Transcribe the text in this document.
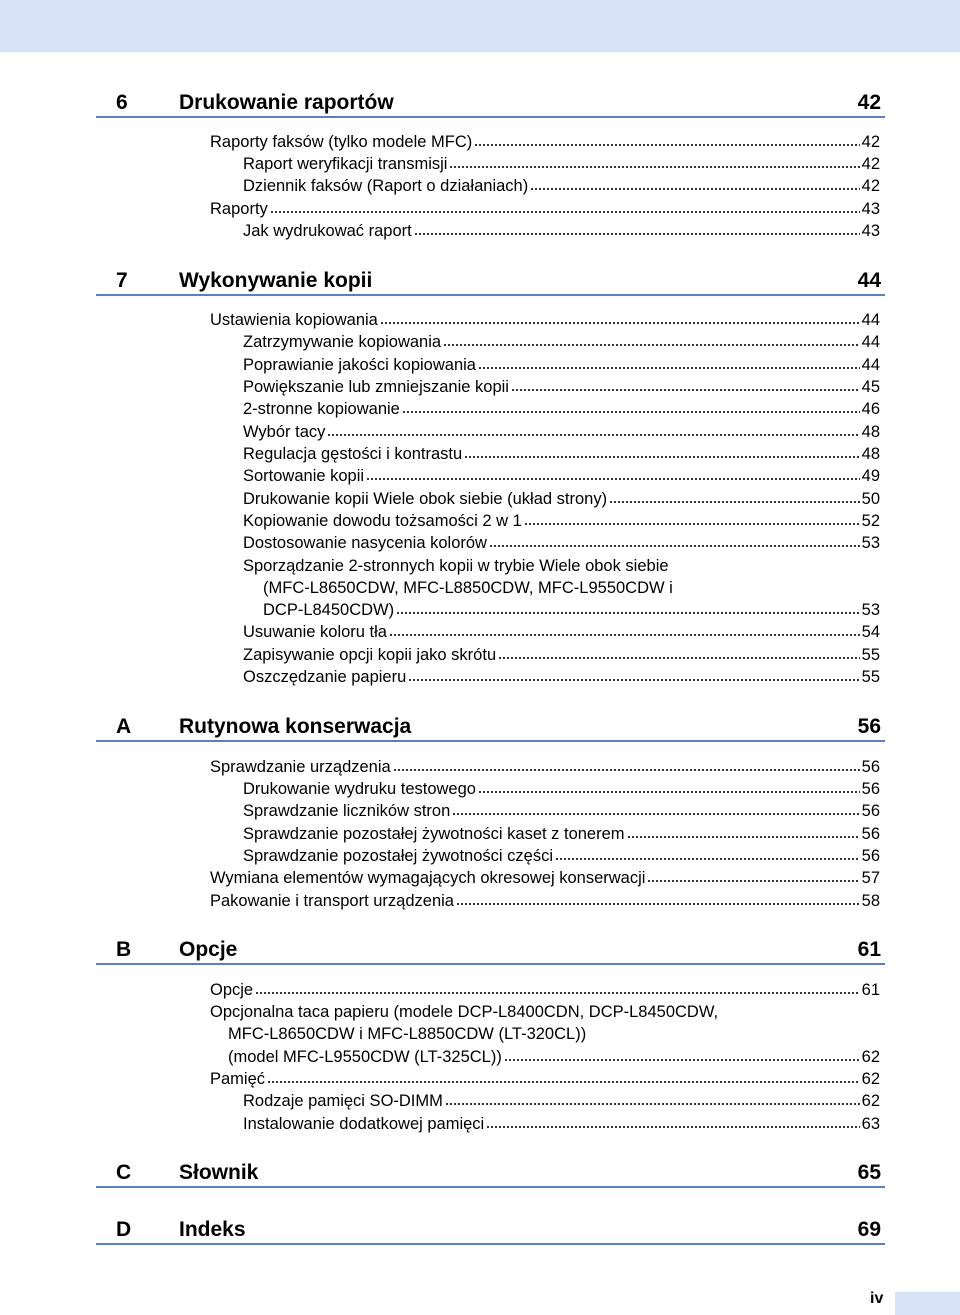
6 Drukowanie raportów	42
Raporty faksów (tylko modele MFC)	42
Raport weryfikacji transmisji	42
Dziennik faksów (Raport o działaniach)	42
Raporty	43
Jak wydrukować raport	43
7 Wykonywanie kopii	44
Ustawienia kopiowania	44
Zatrzymywanie kopiowania	44
Poprawianie jakości kopiowania	44
Powiększanie lub zmniejszanie kopii	45
2-stronne kopiowanie	46
Wybór tacy	48
Regulacja gęstości i kontrastu	48
Sortowanie kopii	49
Drukowanie kopii Wiele obok siebie (układ strony)	50
Kopiowanie dowodu tożsamości 2 w 1	52
Dostosowanie nasycenia kolorów	53
Sporządzanie 2-stronnych kopii w trybie Wiele obok siebie
(MFC-L8650CDW, MFC-L8850CDW, MFC-L9550CDW i
DCP-L8450CDW)	53
Usuwanie koloru tła	54
Zapisywanie opcji kopii jako skrótu	55
Oszczędzanie papieru	55
A Rutynowa konserwacja	56
Sprawdzanie urządzenia	56
Drukowanie wydruku testowego	56
Sprawdzanie liczników stron	56
Sprawdzanie pozostałej żywotności kaset z tonerem	56
Sprawdzanie pozostałej żywotności części	56
Wymiana elementów wymagających okresowej konserwacji	57
Pakowanie i transport urządzenia	58
B Opcje	61
Opcje	61
Opcjonalna taca papieru (modele DCP-L8400CDN, DCP-L8450CDW,
MFC-L8650CDW i MFC-L8850CDW (LT-320CL))
(model MFC-L9550CDW (LT-325CL))	62
Pamięć	62
Rodzaje pamięci SO-DIMM	62
Instalowanie dodatkowej pamięci	63
C Słownik	65
D Indeks	69
iv
